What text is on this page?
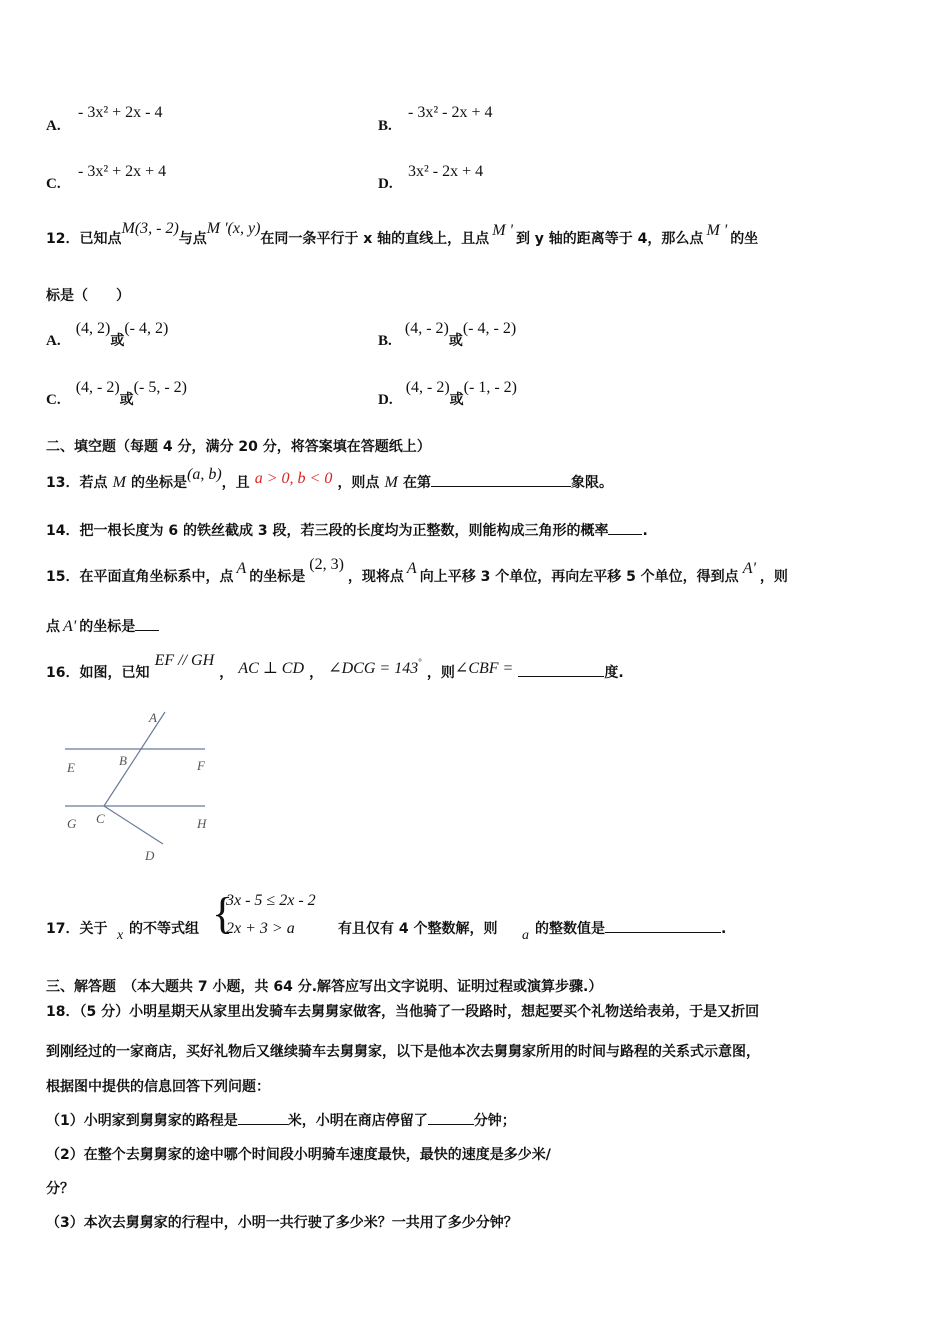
A.
- 3x² + 2x - 4
B.
- 3x² - 2x + 4
C.
- 3x² + 2x + 4
D.
3x² - 2x + 4
12．已知点M(3, - 2)与点M '(x, y)在同一条平行于 x 轴的直线上，且点 M ' 到 y 轴的距离等于 4，那么点 M ' 的坐
标是（　　）
A. (4, 2)或(- 4, 2)
B. (4, - 2)或(- 4, - 2)
C. (4, - 2)或(- 5, - 2)
D. (4, - 2)或(- 1, - 2)
二、填空题（每题 4 分，满分 20 分，将答案填在答题纸上）
13．若点 M 的坐标是(a, b)，且 a > 0, b < 0 ，则点 M 在第	象限。
14．把一根长度为 6 的铁丝截成 3 段，若三段的长度均为正整数，则能构成三角形的概率 .
15．在平面直角坐标系中，点 A 的坐标是(2, 3)，现将点 A 向上平移 3 个单位，再向左平移 5 个单位，得到点 A' ，则
点 A' 的坐标是
16．如图，已知 EF // GH ， AC ⊥ CD ， ∠DCG = 143° ，则∠CBF =	度.
A
B
E	F
G C	H
D
17．关于 x 的不等式组 {
3x - 5 ≤ 2x - 2
2x + 3 > a	有且仅有 4 个整数解，则 a 的整数值是	.
三、解答题　（本大题共 7 小题，共 64 分.解答应写出文字说明、证明过程或演算步骤.）
18．（5 分）小明星期天从家里出发骑车去舅舅家做客，当他骑了一段路时，想起要买个礼物送给表弟，于是又折回
到刚经过的一家商店，买好礼物后又继续骑车去舅舅家，以下是他本次去舅舅家所用的时间与路程的关系式示意图，
根据图中提供的信息回答下列问题：
（1）小明家到舅舅家的路程是	米，小明在商店停留了	分钟；
（2）在整个去舅舅家的途中哪个时间段小明骑车速度最快，最快的速度是多少米/
分？
（3）本次去舅舅家的行程中，小明一共行驶了多少米？一共用了多少分钟？
